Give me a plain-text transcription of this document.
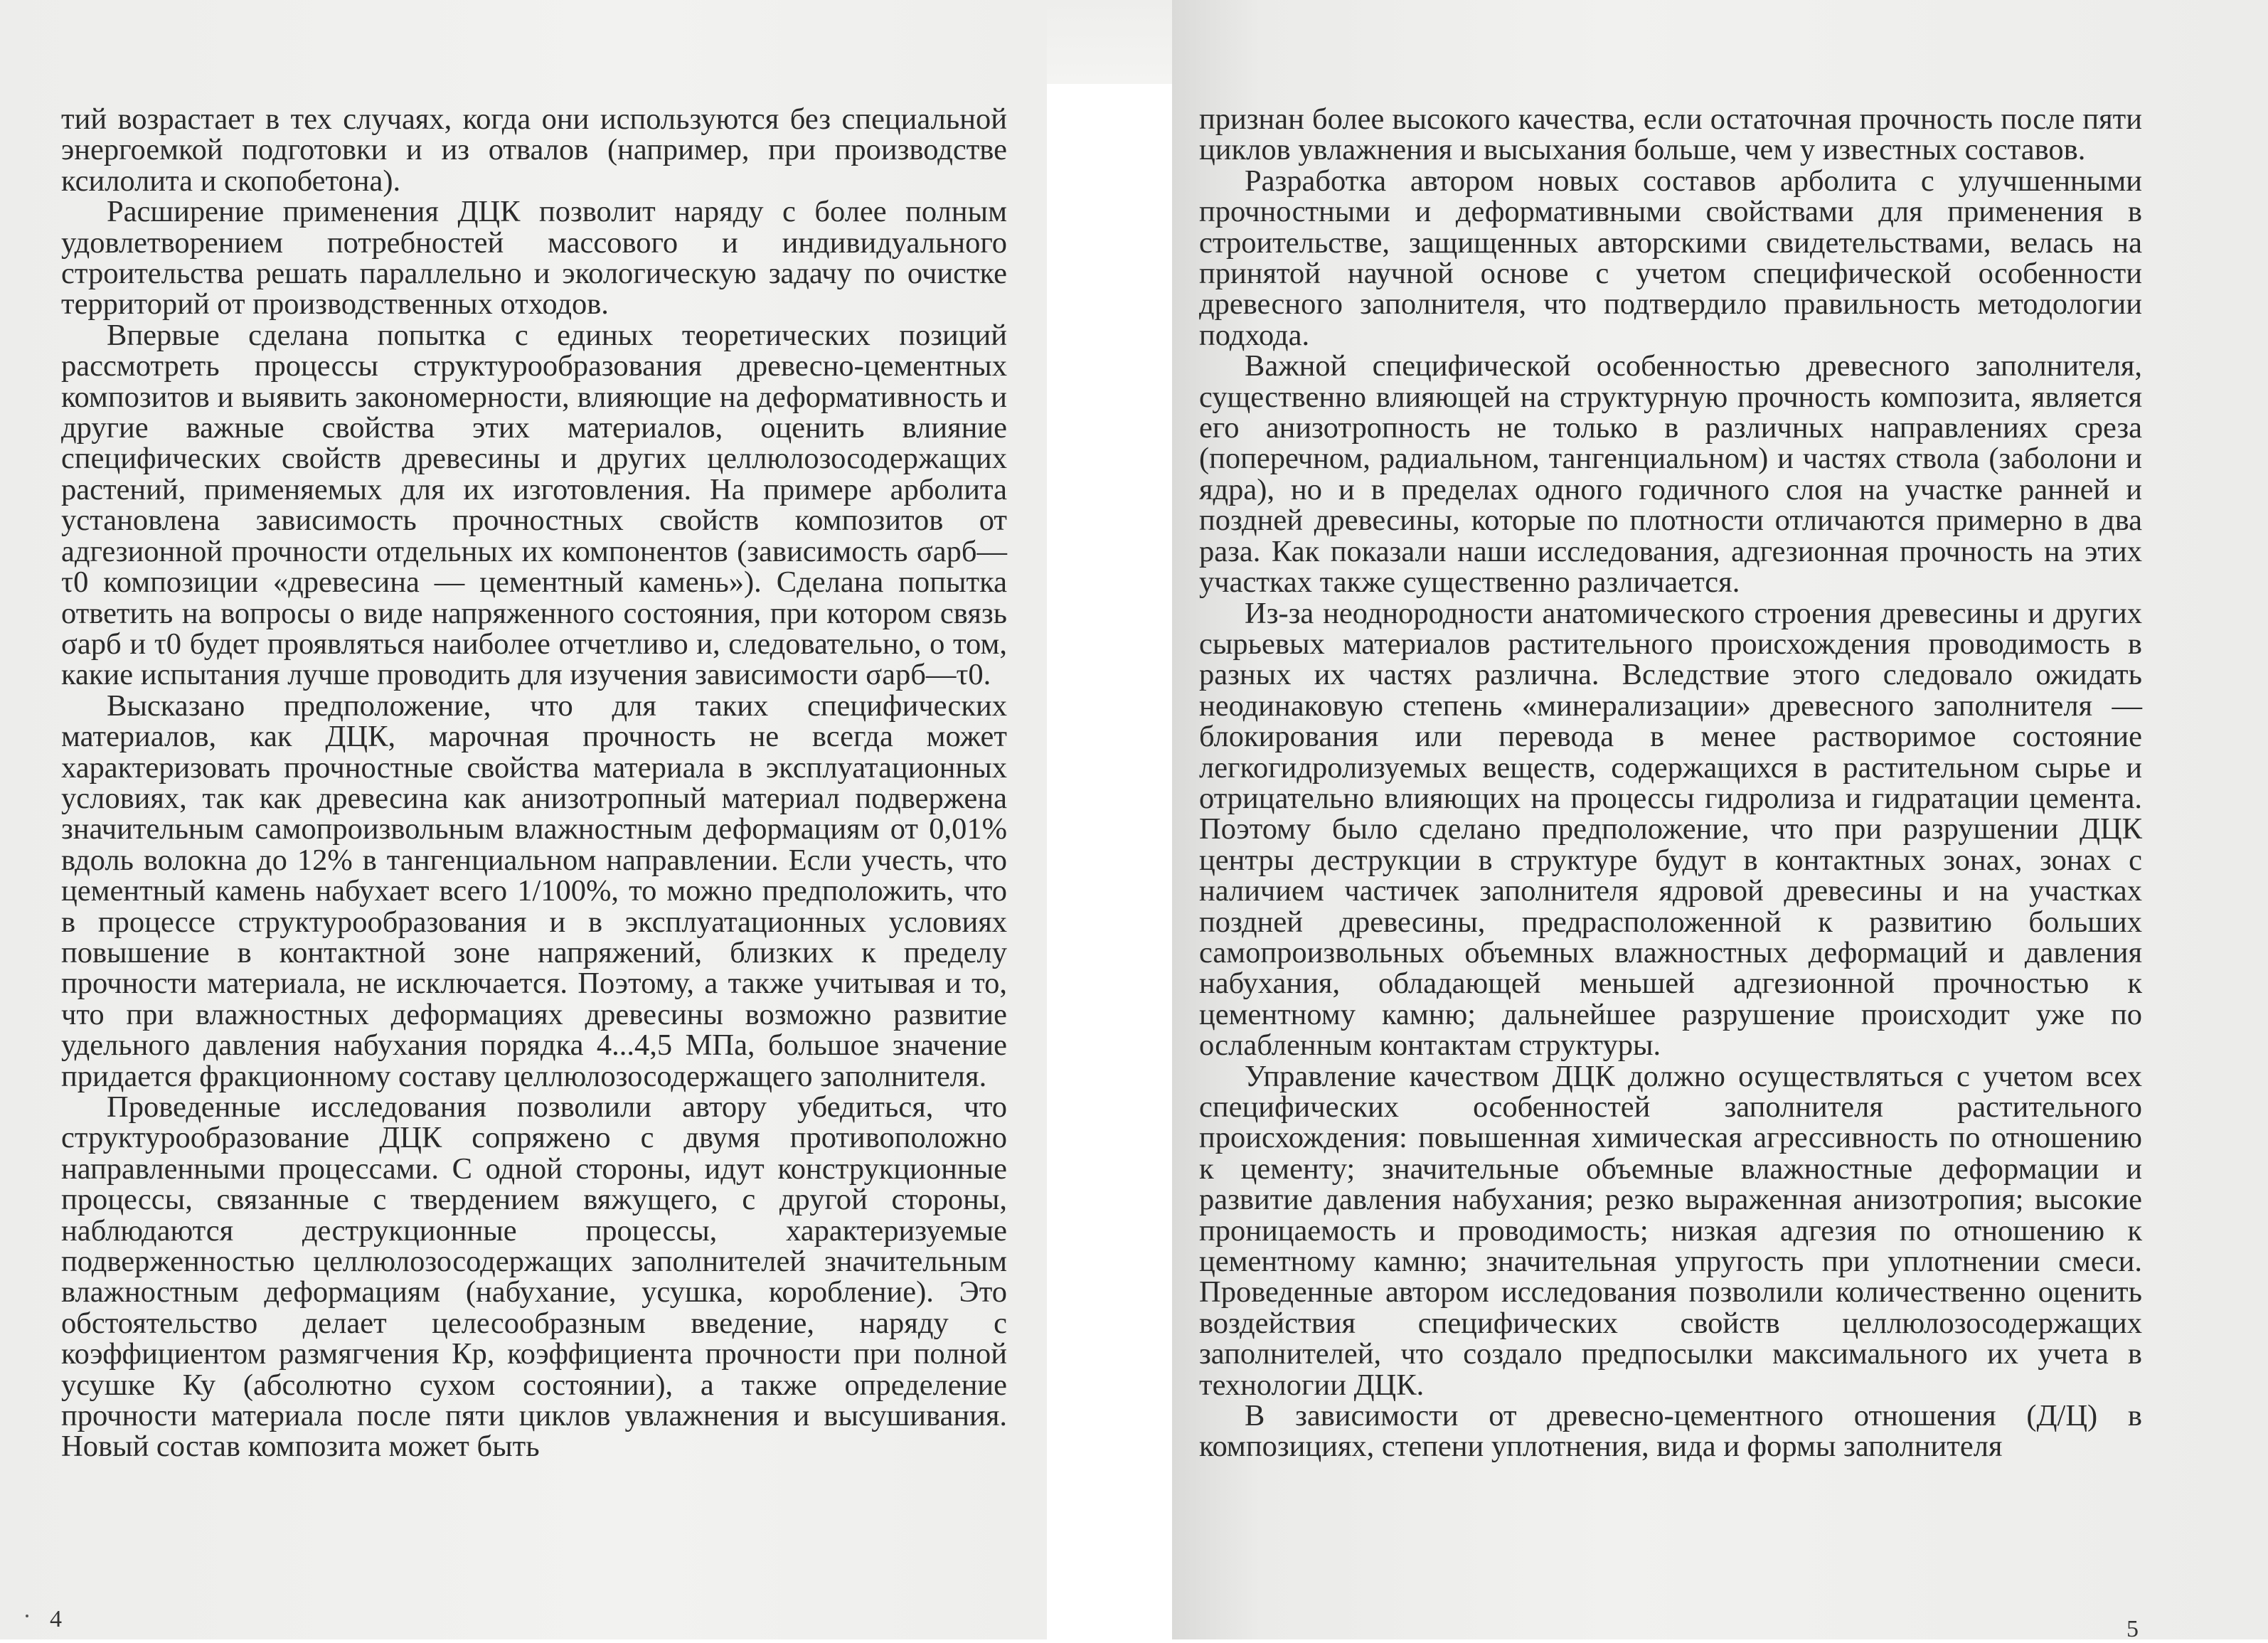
тий возрастает в тех случаях, когда они используются без специальной энергоемкой подготовки и из отвалов (например, при производстве ксилолита и скопобетона).

Расширение применения ДЦК позволит наряду с более полным удовлетворением потребностей массового и индивидуального строительства решать параллельно и экологическую задачу по очистке территорий от производственных отходов.

Впервые сделана попытка с единых теоретических позиций рассмотреть процессы структурообразования древесно-цементных композитов и выявить закономерности, влияющие на деформативность и другие важные свойства этих материалов, оценить влияние специфических свойств древесины и других целлюлозосодержащих растений, применяемых для их изготовления. На примере арболита установлена зависимость прочностных свойств композитов от адгезионной прочности отдельных их компонентов (зависимость σарб—τ0 композиции «древесина — цементный камень»). Сделана попытка ответить на вопросы о виде напряженного состояния, при котором связь σарб и τ0 будет проявляться наиболее отчетливо и, следовательно, о том, какие испытания лучше проводить для изучения зависимости σарб—τ0.

Высказано предположение, что для таких специфических материалов, как ДЦК, марочная прочность не всегда может характеризовать прочностные свойства материала в эксплуатационных условиях, так как древесина как анизотропный материал подвержена значительным самопроизвольным влажностным деформациям от 0,01% вдоль волокна до 12% в тангенциальном направлении. Если учесть, что цементный камень набухает всего 1/100%, то можно предположить, что в процессе структурообразования и в эксплуатационных условиях повышение в контактной зоне напряжений, близких к пределу прочности материала, не исключается. Поэтому, а также учитывая и то, что при влажностных деформациях древесины возможно развитие удельного давления набухания порядка 4...4,5 МПа, большое значение придается фракционному составу целлюлозосодержащего заполнителя.

Проведенные исследования позволили автору убедиться, что структурообразование ДЦК сопряжено с двумя противоположно направленными процессами. С одной стороны, идут конструкционные процессы, связанные с твердением вяжущего, с другой стороны, наблюдаются деструкционные процессы, характеризуемые подверженностью целлюлозосодержащих заполнителей значительным влажностным деформациям (набухание, усушка, коробление). Это обстоятельство делает целесообразным введение, наряду с коэффициентом размягчения Кр, коэффициента прочности при полной усушке Ку (абсолютно сухом состоянии), а также определение прочности материала после пяти циклов увлажнения и высушивания. Новый состав композита может быть

4

признан более высокого качества, если остаточная прочность после пяти циклов увлажнения и высыхания больше, чем у известных составов.

Разработка автором новых составов арболита с улучшенными прочностными и деформативными свойствами для применения в строительстве, защищенных авторскими свидетельствами, велась на принятой научной основе с учетом специфической особенности древесного заполнителя, что подтвердило правильность методологии подхода.

Важной специфической особенностью древесного заполнителя, существенно влияющей на структурную прочность композита, является его анизотропность не только в различных направлениях среза (поперечном, радиальном, тангенциальном) и частях ствола (заболони и ядра), но и в пределах одного годичного слоя на участке ранней и поздней древесины, которые по плотности отличаются примерно в два раза. Как показали наши исследования, адгезионная прочность на этих участках также существенно различается.

Из-за неоднородности анатомического строения древесины и других сырьевых материалов растительного происхождения проводимость в разных их частях различна. Вследствие этого следовало ожидать неодинаковую степень «минерализации» древесного заполнителя — блокирования или перевода в менее растворимое состояние легкогидролизуемых веществ, содержащихся в растительном сырье и отрицательно влияющих на процессы гидролиза и гидратации цемента. Поэтому было сделано предположение, что при разрушении ДЦК центры деструкции в структуре будут в контактных зонах, зонах с наличием частичек заполнителя ядровой древесины и на участках поздней древесины, предрасположенной к развитию больших самопроизвольных объемных влажностных деформаций и давления набухания, обладающей меньшей адгезионной прочностью к цементному камню; дальнейшее разрушение происходит уже по ослабленным контактам структуры.

Управление качеством ДЦК должно осуществляться с учетом всех специфических особенностей заполнителя растительного происхождения: повышенная химическая агрессивность по отношению к цементу; значительные объемные влажностные деформации и развитие давления набухания; резко выраженная анизотропия; высокие проницаемость и проводимость; низкая адгезия по отношению к цементному камню; значительная упругость при уплотнении смеси. Проведенные автором исследования позволили количественно оценить воздействия специфических свойств целлюлозосодержащих заполнителей, что создало предпосылки максимального их учета в технологии ДЦК.

В зависимости от древесно-цементного отношения (Д/Ц) в композициях, степени уплотнения, вида и формы заполнителя

5
